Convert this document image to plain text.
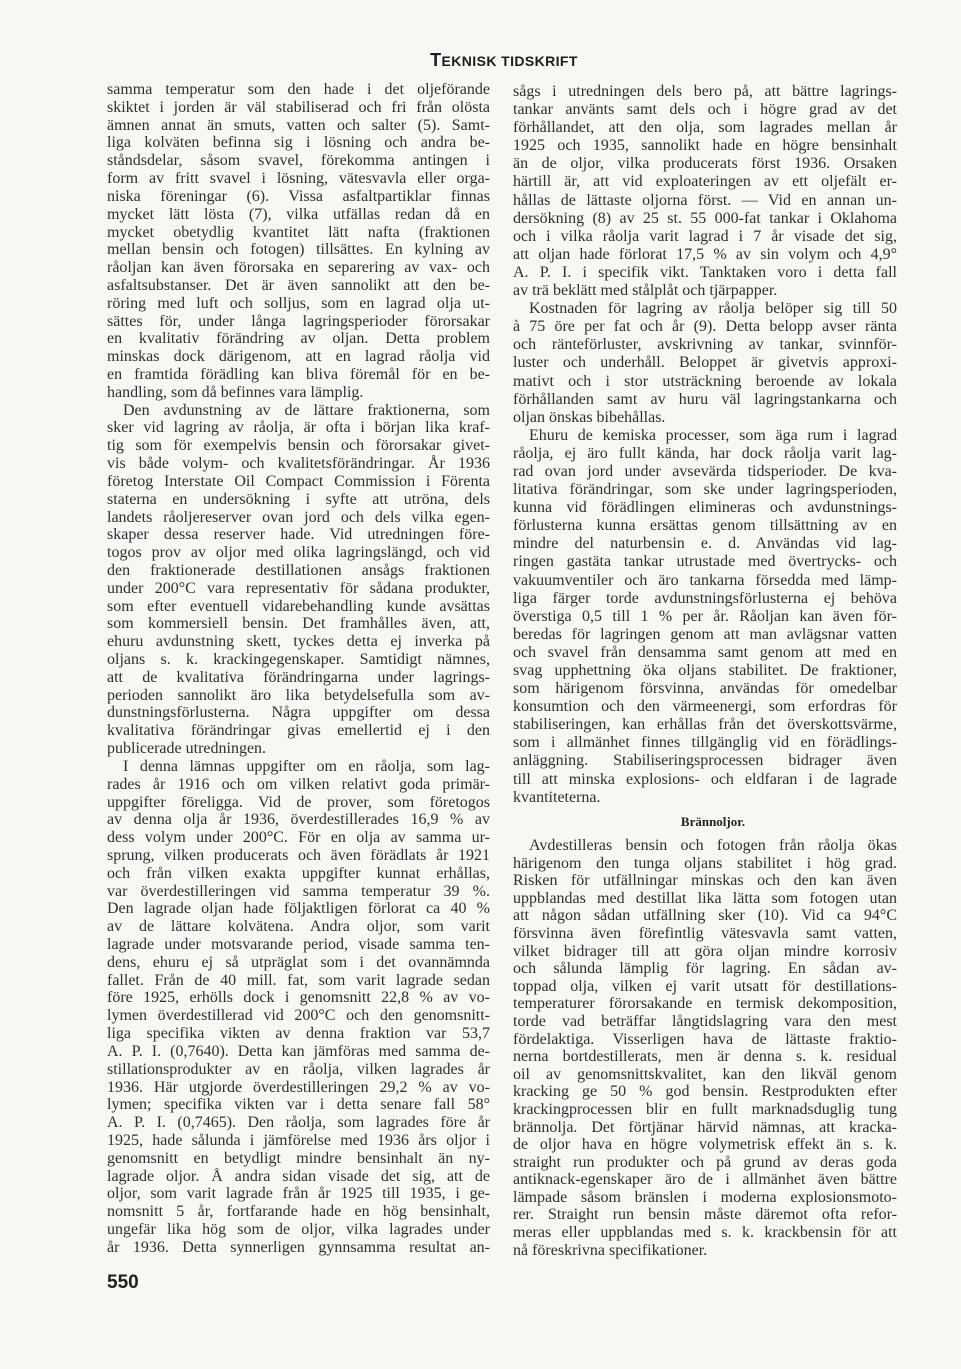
TEKNISK TIDSKRIFT
samma temperatur som den hade i det oljeförande
skiktet i jorden är väl stabiliserad och fri från olösta
ämnen annat än smuts, vatten och salter (5). Samt-
liga kolväten befinna sig i lösning och andra be-
ståndsdelar, såsom svavel, förekomma antingen i
form av fritt svavel i lösning, vätesvavla eller orga-
niska föreningar (6). Vissa asfaltpartiklar finnas
mycket lätt lösta (7), vilka utfällas redan då en
mycket obetydlig kvantitet lätt nafta (fraktionen
mellan bensin och fotogen) tillsättes. En kylning av
råoljan kan även förorsaka en separering av vax- och
asfaltsubstanser. Det är även sannolikt att den be-
röring med luft och solljus, som en lagrad olja ut-
sättes för, under långa lagringsperioder förorsakar
en kvalitativ förändring av oljan. Detta problem
minskas dock därigenom, att en lagrad råolja vid
en framtida förädling kan bliva föremål för en be-
handling, som då befinnes vara lämplig.
Den avdunstning av de lättare fraktionerna, som
sker vid lagring av råolja, är ofta i början lika kraf-
tig som för exempelvis bensin och förorsakar givet-
vis både volym- och kvalitetsförändringar. År 1936
företog Interstate Oil Compact Commission i Förenta
staterna en undersökning i syfte att utröna, dels
landets råoljereserver ovan jord och dels vilka egen-
skaper dessa reserver hade. Vid utredningen före-
togos prov av oljor med olika lagringslängd, och vid
den fraktionerade destillationen ansågs fraktionen
under 200°C vara representativ för sådana produkter,
som efter eventuell vidarebehandling kunde avsättas
som kommersiell bensin. Det framhålles även, att,
ehuru avdunstning skett, tyckes detta ej inverka på
oljans s. k. krackingegenskaper. Samtidigt nämnes,
att de kvalitativa förändringarna under lagrings-
perioden sannolikt äro lika betydelsefulla som av-
dunstningsförlusterna. Några uppgifter om dessa
kvalitativa förändringar givas emellertid ej i den
publicerade utredningen.
I denna lämnas uppgifter om en råolja, som lag-
rades år 1916 och om vilken relativt goda primär-
uppgifter föreligga. Vid de prover, som företogos
av denna olja år 1936, överdestillerades 16,9 % av
dess volym under 200°C. För en olja av samma ur-
sprung, vilken producerats och även förädlats år 1921
och från vilken exakta uppgifter kunnat erhållas,
var överdestilleringen vid samma temperatur 39 %.
Den lagrade oljan hade följaktligen förlorat ca 40 %
av de lättare kolvätena. Andra oljor, som varit
lagrade under motsvarande period, visade samma ten-
dens, ehuru ej så utpräglat som i det ovannämnda
fallet. Från de 40 mill. fat, som varit lagrade sedan
före 1925, erhölls dock i genomsnitt 22,8 % av vo-
lymen överdestillerad vid 200°C och den genomsnitt-
liga specifika vikten av denna fraktion var 53,7
A. P. I. (0,7640). Detta kan jämföras med samma de-
stillationsprodukter av en råolja, vilken lagrades år
1936. Här utgjorde överdestilleringen 29,2 % av vo-
lymen; specifika vikten var i detta senare fall 58°
A. P. I. (0,7465). Den råolja, som lagrades före år
1925, hade sålunda i jämförelse med 1936 års oljor i
genomsnitt en betydligt mindre bensinhalt än ny-
lagrade oljor. Å andra sidan visade det sig, att de
oljor, som varit lagrade från år 1925 till 1935, i ge-
nomsnitt 5 år, fortfarande hade en hög bensinhalt,
ungefär lika hög som de oljor, vilka lagrades under
år 1936. Detta synnerligen gynnsamma resultat an-
sågs i utredningen dels bero på, att bättre lagrings-
tankar använts samt dels och i högre grad av det
förhållandet, att den olja, som lagrades mellan år
1925 och 1935, sannolikt hade en högre bensinhalt
än de oljor, vilka producerats först 1936. Orsaken
härtill är, att vid exploateringen av ett oljefält er-
hållas de lättaste oljorna först. — Vid en annan un-
dersökning (8) av 25 st. 55 000-fat tankar i Oklahoma
och i vilka råolja varit lagrad i 7 år visade det sig,
att oljan hade förlorat 17,5 % av sin volym och 4,9°
A. P. I. i specifik vikt. Tanktaken voro i detta fall
av trä beklätt med stålplåt och tjärpapper.
Kostnaden för lagring av råolja belöper sig till 50
à 75 öre per fat och år (9). Detta belopp avser ränta
och ränteförluster, avskrivning av tankar, svinnför-
luster och underhåll. Beloppet är givetvis approxi-
mativt och i stor utsträckning beroende av lokala
förhållanden samt av huru väl lagringstankarna och
oljan önskas bibehållas.
Ehuru de kemiska processer, som äga rum i lagrad
råolja, ej äro fullt kända, har dock råolja varit lag-
rad ovan jord under avsevärda tidsperioder. De kva-
litativa förändringar, som ske under lagringsperioden,
kunna vid förädlingen elimineras och avdunstnings-
förlusterna kunna ersättas genom tillsättning av en
mindre del naturbensin e. d. Användas vid lag-
ringen gastäta tankar utrustade med övertrycks- och
vakuumventiler och äro tankarna försedda med lämp-
liga färger torde avdunstningsförlusterna ej behöva
överstiga 0,5 till 1 % per år. Råoljan kan även för-
beredas för lagringen genom att man avlägsnar vatten
och svavel från densamma samt genom att med en
svag upphettning öka oljans stabilitet. De fraktioner,
som härigenom försvinna, användas för omedelbar
konsumtion och den värmeenergi, som erfordras för
stabiliseringen, kan erhållas från det överskottsvärme,
som i allmänhet finnes tillgänglig vid en förädlings-
anläggning. Stabiliseringsprocessen bidrager även
till att minska explosions- och eldfaran i de lagrade
kvantiteterna.
Brännoljor.
Avdestilleras bensin och fotogen från råolja ökas
härigenom den tunga oljans stabilitet i hög grad.
Risken för utfällningar minskas och den kan även
uppblandas med destillat lika lätta som fotogen utan
att någon sådan utfällning sker (10). Vid ca 94°C
försvinna även förefintlig vätesvavla samt vatten,
vilket bidrager till att göra oljan mindre korrosiv
och sålunda lämplig för lagring. En sådan av-
toppad olja, vilken ej varit utsatt för destillations-
temperaturer förorsakande en termisk dekomposition,
torde vad beträffar långtidslagring vara den mest
fördelaktiga. Visserligen hava de lättaste fraktio-
nerna bortdestillerats, men är denna s. k. residual
oil av genomsnittskvalitet, kan den likväl genom
kracking ge 50 % god bensin. Restprodukten efter
krackingprocessen blir en fullt marknadsduglig tung
brännolja. Det förtjänar härvid nämnas, att kracka-
de oljor hava en högre volymetrisk effekt än s. k.
straight run produkter och på grund av deras goda
antiknack-egenskaper äro de i allmänhet även bättre
lämpade såsom bränslen i moderna explosionsmoto-
rer. Straight run bensin måste däremot ofta refor-
meras eller uppblandas med s. k. krackbensin för att
nå föreskrivna specifikationer.
550
